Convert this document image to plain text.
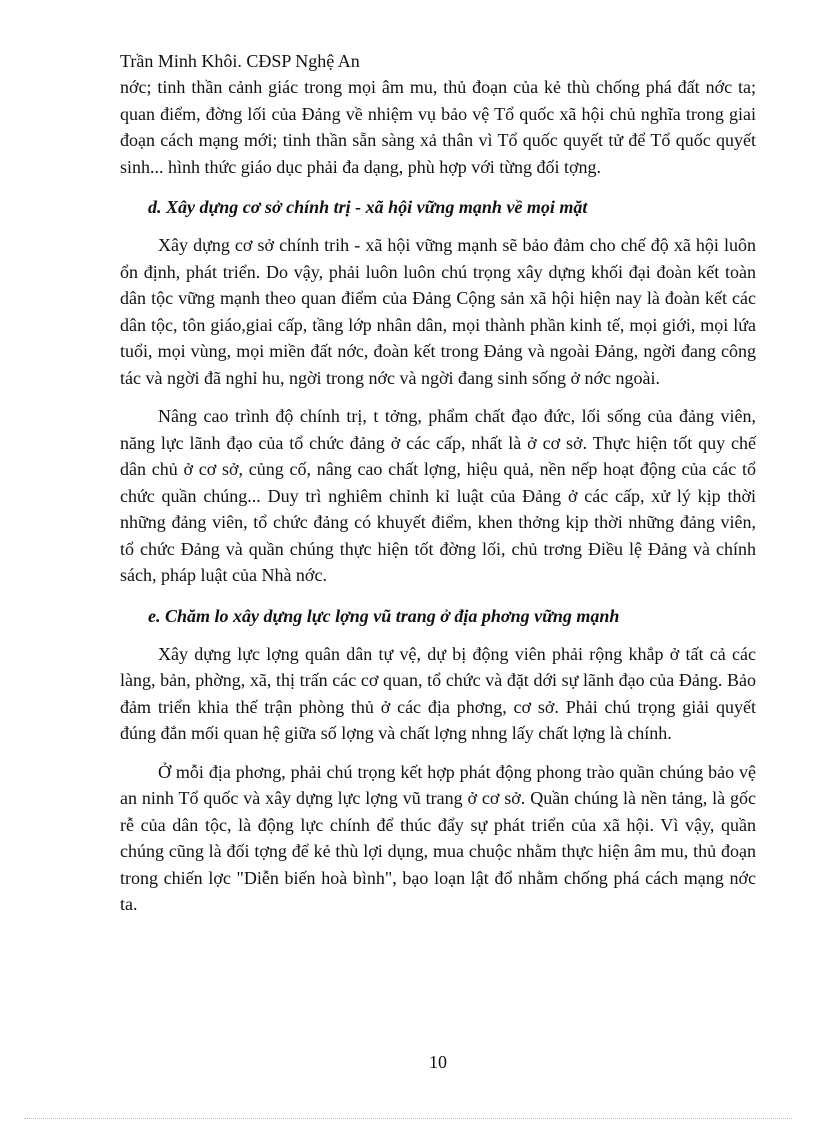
Trần Minh Khôi. CĐSP Nghệ An

nớc; tinh thần cảnh giác trong mọi âm mu, thủ đoạn của kẻ thù chống phá đất nớc ta; quan điểm, đờng lối của Đảng về nhiệm vụ bảo vệ Tổ quốc xã hội chủ nghĩa trong giai đoạn cách mạng mới; tinh thần sẵn sàng xả thân vì Tổ quốc quyết tử để Tổ quốc quyết sinh... hình thức giáo dục phải đa dạng, phù hợp với từng đối tợng.

d. Xây dựng cơ sở chính trị - xã hội vững mạnh về mọi mặt

Xây dựng cơ sở chính trih - xã hội vững mạnh sẽ bảo đảm cho chế độ xã hội luôn ổn định, phát triển. Do vậy, phải luôn luôn chú trọng xây dựng khối đại đoàn kết toàn dân tộc vững mạnh theo quan điểm của Đảng Cộng sản xã hội hiện nay là đoàn kết các dân tộc, tôn giáo,giai cấp, tầng lớp nhân dân, mọi thành phần kinh tế, mọi giới, mọi lứa tuổi, mọi vùng, mọi miền đất nớc, đoàn kết trong Đảng và ngoài Đảng, ngời đang công tác và ngời đã nghỉ hu, ngời trong nớc và ngời đang sinh sống ở nớc ngoài.

Nâng cao trình độ chính trị, t tởng, phẩm chất đạo đức, lối sống của đảng viên, năng lực lãnh đạo của tổ chức đảng ở các cấp, nhất là ở cơ sở. Thực hiện tốt quy chế dân chủ ở cơ sở, củng cố, nâng cao chất lợng, hiệu quả, nền nếp hoạt động của các tổ chức quần chúng... Duy trì nghiêm chỉnh kỉ luật của Đảng ở các cấp, xử lý kịp thời những đảng viên, tổ chức đảng có khuyết điểm, khen thởng kịp thời những đảng viên, tổ chức Đảng và quần chúng thực hiện tốt đờng lối, chủ trơng Điều lệ Đảng và chính sách, pháp luật của Nhà nớc.

e. Chăm lo xây dựng lực lợng vũ trang ở địa phơng vững mạnh

Xây dựng lực lợng quân dân tự vệ, dự bị động viên phải rộng khắp ở tất cả các làng, bản, phờng, xã, thị trấn các cơ quan, tổ chức và đặt dới sự lãnh đạo của Đảng. Bảo đảm triển khia thế trận phòng thủ ở các địa phơng, cơ sở. Phải chú trọng giải quyết đúng đắn mối quan hệ giữa số lợng và chất lợng nhng lấy chất lợng là chính.

Ở mỗi địa phơng, phải chú trọng kết hợp phát động phong trào quần chúng bảo vệ an ninh Tổ quốc và xây dựng lực lợng vũ trang ở cơ sở. Quần chúng là nền tảng, là gốc rễ của dân tộc, là động lực chính để thúc đẩy sự phát triển của xã hội. Vì vậy, quần chúng cũng là đối tợng để kẻ thù lợi dụng, mua chuộc nhằm thực hiện âm mu, thủ đoạn trong chiến lợc "Diễn biến hoà bình", bạo loạn lật đổ nhằm chống phá cách mạng nớc ta.

10
